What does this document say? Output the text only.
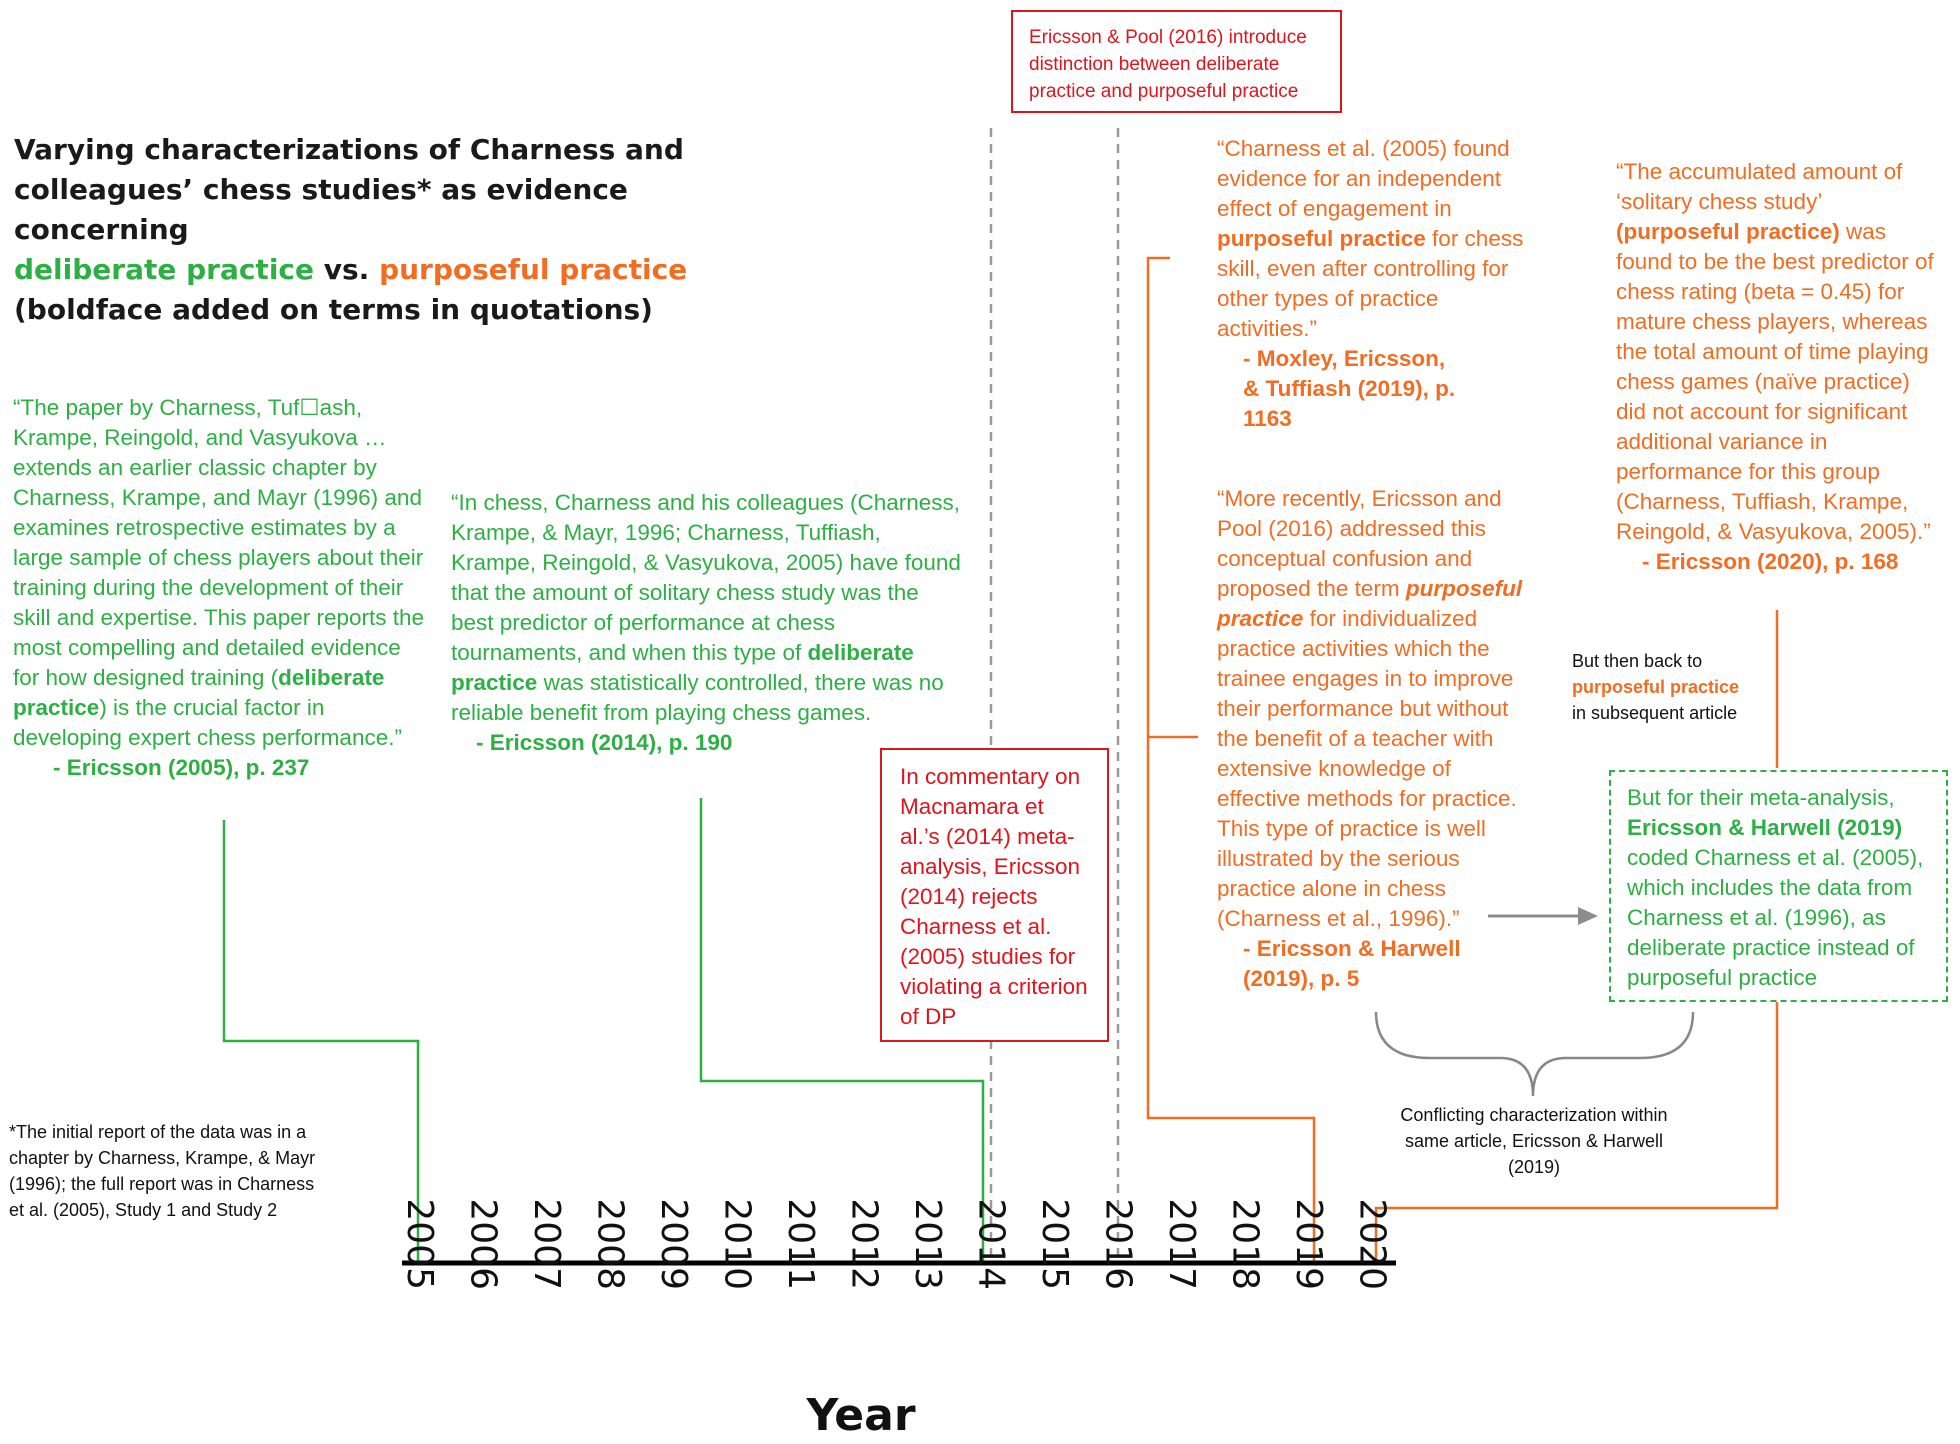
Varying characterizations of Charness and
colleagues’ chess studies* as evidence concerning
deliberate practice vs. purposeful practice
(boldface added on terms in quotations)
2005 2006 2007 2008 2009 2010 2011 2012 2013 2014 2015 2016 2017 2018 2019 2020
Year
“The paper by Charness, Tuf☐ash, Krampe, Reingold, and Vasyukova …extends an earlier classic chapter by Charness, Krampe, and Mayr (1996) and examines retrospective estimates by a large sample of chess players about their training during the development of their skill and expertise. This paper reports the most compelling and detailed evidence for how designed training (deliberate practice) is the crucial factor in developing expert chess performance.”
- Ericsson (2005), p. 237
“In chess, Charness and his colleagues (Charness, Krampe, & Mayr, 1996; Charness, Tuffiash, Krampe, Reingold, & Vasyukova, 2005) have found that the amount of solitary chess study was the best predictor of performance at chess tournaments, and when this type of deliberate practice was statistically controlled, there was no reliable benefit from playing chess games.
- Ericsson (2014), p. 190
In commentary on Macnamara et al.’s (2014) meta-analysis, Ericsson (2014) rejects Charness et al. (2005) studies for violating a criterion of DP
Ericsson & Pool (2016) introduce distinction between deliberate practice and purposeful practice
“Charness et al. (2005) found evidence for an independent effect of engagement in purposeful practice for chess skill, even after controlling for other types of practice activities.”
- Moxley, Ericsson, & Tuffiash (2019), p. 1163
“More recently, Ericsson and Pool (2016) addressed this conceptual confusion and proposed the term purposeful practice for individualized practice activities which the trainee engages in to improve their performance but without the benefit of a teacher with extensive knowledge of effective methods for practice. This type of practice is well illustrated by the serious practice alone in chess (Charness et al., 1996).”
- Ericsson & Harwell (2019), p. 5
“The accumulated amount of ‘solitary chess study’ (purposeful practice) was found to be the best predictor of chess rating (beta = 0.45) for mature chess players, whereas the total amount of time playing chess games (naïve practice) did not account for significant additional variance in performance for this group (Charness, Tuffiash, Krampe, Reingold, & Vasyukova, 2005).”
- Ericsson (2020), p. 168
But then back to
purposeful practice
in subsequent article
But for their meta-analysis,
Ericsson & Harwell (2019)
coded Charness et al. (2005), which includes the data from Charness et al. (1996), as deliberate practice instead of purposeful practice
Conflicting characterization within same article, Ericsson & Harwell (2019)
*The initial report of the data was in a chapter by Charness, Krampe, & Mayr (1996); the full report was in Charness et al. (2005), Study 1 and Study 2
